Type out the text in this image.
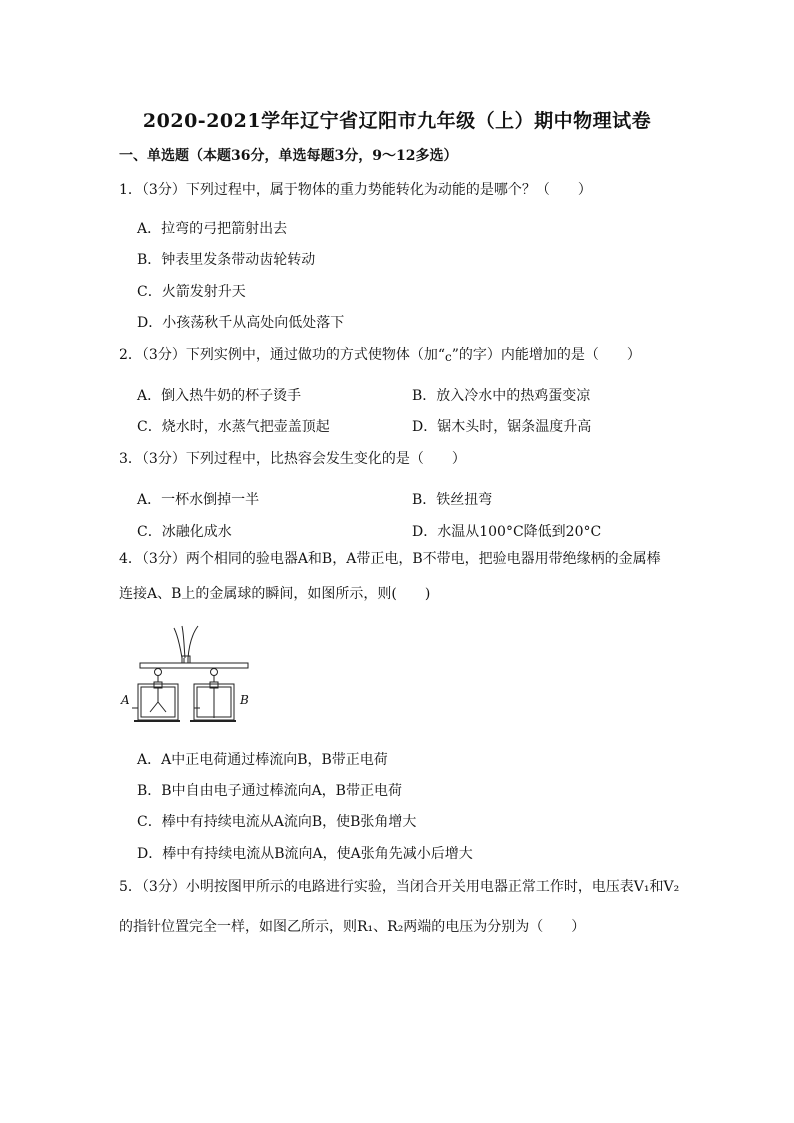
2020-2021学年辽宁省辽阳市九年级（上）期中物理试卷
一、单选题（本题36分，单选每题3分，9～12多选）
1．（3分）下列过程中，属于物体的重力势能转化为动能的是哪个？（　　）
A．拉弯的弓把箭射出去
B．钟表里发条带动齿轮转动
C．火箭发射升天
D．小孩荡秋千从高处向低处落下
2．（3分）下列实例中，通过做功的方式使物体（加“c”的字）内能增加的是（　　）
A．倒入热牛奶的杯子烫手	B．放入冷水中的热鸡蛋变凉
C．烧水时，水蒸气把壶盖顶起	D．锯木头时，锯条温度升高
3．（3分）下列过程中，比热容会发生变化的是（　　）
A．一杯水倒掉一半	B．铁丝扭弯
C．冰融化成水	D．水温从100°C降低到20°C
4．（3分）两个相同的验电器A和B，A带正电，B不带电，把验电器用带绝缘柄的金属棒
连接A、B上的金属球的瞬间，如图所示，则(　　)
A	B
A．A中正电荷通过棒流向B，B带正电荷
B．B中自由电子通过棒流向A，B带正电荷
C．棒中有持续电流从A流向B，使B张角增大
D．棒中有持续电流从B流向A，使A张角先减小后增大
5．（3分）小明按图甲所示的电路进行实验，当闭合开关用电器正常工作时，电压表V₁和V₂
的指针位置完全一样，如图乙所示，则R₁、R₂两端的电压为分别为（　　）
